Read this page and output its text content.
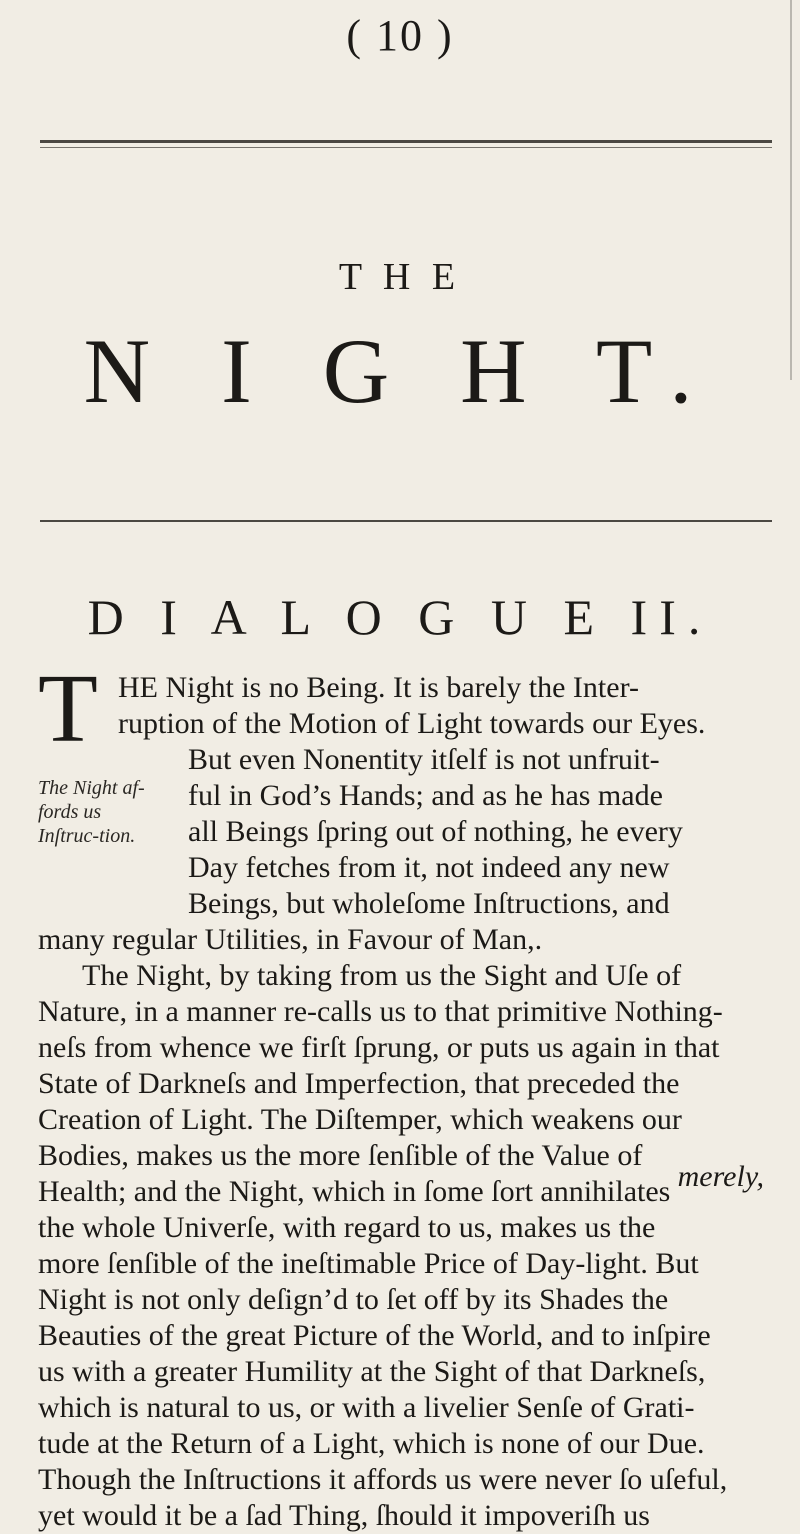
( 10 )
T H E
N I G H T.
D I A L O G U E II.
T
The Night af-fords us Inſtruc-tion.
HE Night is no Being. It is barely the Inter-
ruption of the Motion of Light towards our Eyes.
But even Nonentity itſelf is not unfruit-
ful in God’s Hands; and as he has made
all Beings ſpring out of nothing, he every
Day fetches from it, not indeed any new
Beings, but wholeſome Inſtructions, and
many regular Utilities, in Favour of Man,.
The Night, by taking from us the Sight and Uſe of
Nature, in a manner re-calls us to that primitive Nothing-
neſs from whence we firſt ſprung, or puts us again in that
State of Darkneſs and Imperfection, that preceded the
Creation of Light. The Diſtemper, which weakens our
Bodies, makes us the more ſenſible of the Value of
Health; and the Night, which in ſome ſort annihilates
the whole Univerſe, with regard to us, makes us the
more ſenſible of the ineſtimable Price of Day-light. But
Night is not only deſign’d to ſet off by its Shades the
Beauties of the great Picture of the World, and to inſpire
us with a greater Humility at the Sight of that Darkneſs,
which is natural to us, or with a livelier Senſe of Grati-
tude at the Return of a Light, which is none of our Due.
Though the Inſtructions it affords us were never ſo uſeful,
yet would it be a ſad Thing, ſhould it impoveriſh us
merely,
